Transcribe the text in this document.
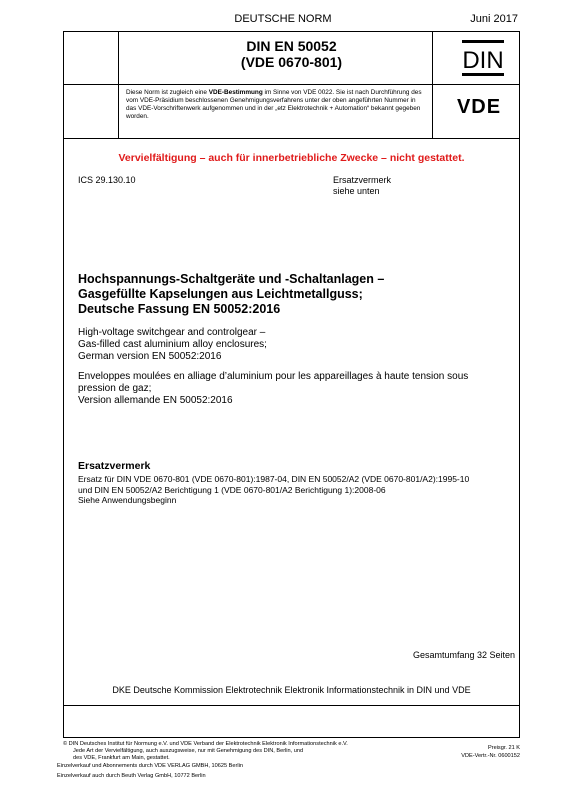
DEUTSCHE NORM	Juni 2017
DIN EN 50052
(VDE 0670-801)	DIN
VDE
Diese Norm ist zugleich eine VDE-Bestimmung im Sinne von VDE 0022. Sie ist nach Durchführung des vom VDE-Präsidium beschlossenen Genehmigungsverfahrens unter der oben angeführten Nummer in das VDE-Vorschriftenwerk aufgenommen und in der „etz Elektrotechnik + Automation“ bekannt gegeben worden.
Vervielfältigung – auch für innerbetriebliche Zwecke – nicht gestattet.
ICS 29.130.10	Ersatzvermerk
siehe unten
Hochspannungs-Schaltgeräte und -Schaltanlagen –
Gasgefüllte Kapselungen aus Leichtmetallguss;
Deutsche Fassung EN 50052:2016
High-voltage switchgear and controlgear –
Gas-filled cast aluminium alloy enclosures;
German version EN 50052:2016
Enveloppes moulées en alliage d’aluminium pour les appareillages à haute tension sous
pression de gaz;
Version allemande EN 50052:2016
Ersatzvermerk
Ersatz für DIN VDE 0670-801 (VDE 0670-801):1987-04, DIN EN 50052/A2 (VDE 0670-801/A2):1995-10
und DIN EN 50052/A2 Berichtigung 1 (VDE 0670-801/A2 Berichtigung 1):2008-06
Siehe Anwendungsbeginn
Gesamtumfang 32 Seiten
DKE Deutsche Kommission Elektrotechnik Elektronik Informationstechnik in DIN und VDE
© DIN Deutsches Institut für Normung e.V. und VDE Verband der Elektrotechnik Elektronik Informationstechnik e.V.
Jede Art der Vervielfältigung, auch auszugsweise, nur mit Genehmigung des DIN, Berlin, und
des VDE, Frankfurt am Main, gestattet.
Einzelverkauf und Abonnements durch VDE VERLAG GMBH, 10625 Berlin
Einzelverkauf auch durch Beuth Verlag GmbH, 10772 Berlin
Preisgr. 21 K
VDE-Vertr.-Nr. 0600152
